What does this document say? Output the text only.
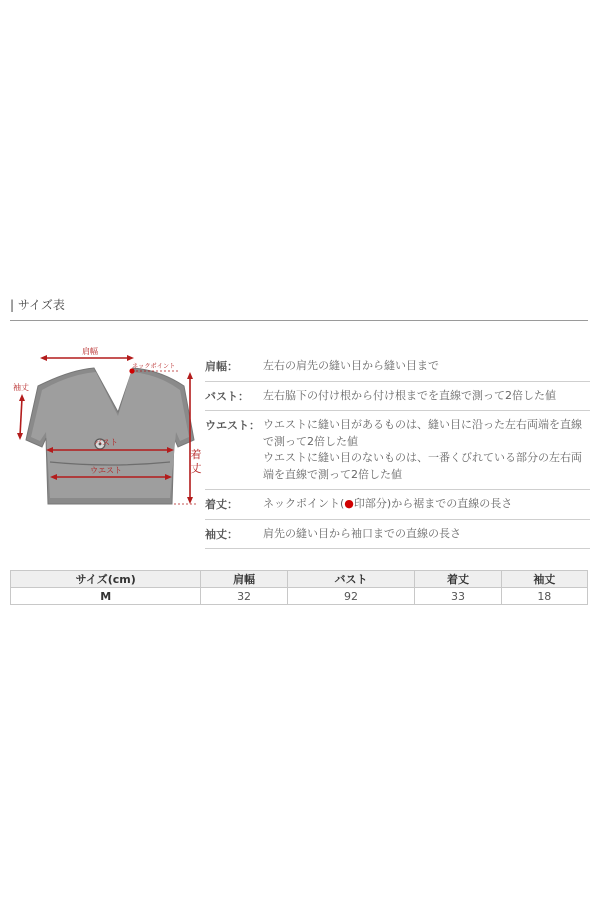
| サイズ表
肩幅
ネックポイント
袖丈
バスト
ウエスト
着
丈
肩幅：	左右の肩先の縫い目から縫い目まで
バスト：	左右脇下の付け根から付け根までを直線で測って2倍した値
ウエスト： ウエストに縫い目があるものは、縫い目に沿った左右両端を直線で測って2倍した値
ウエストに縫い目のないものは、一番くびれている部分の左右両端を直線で測って2倍した値
着丈：	ネックポイント(●印部分)から裾までの直線の長さ
袖丈：	肩先の縫い目から袖口までの直線の長さ
サイズ(cm)	肩幅	バスト	着丈	袖丈
M	32	92	33	18
